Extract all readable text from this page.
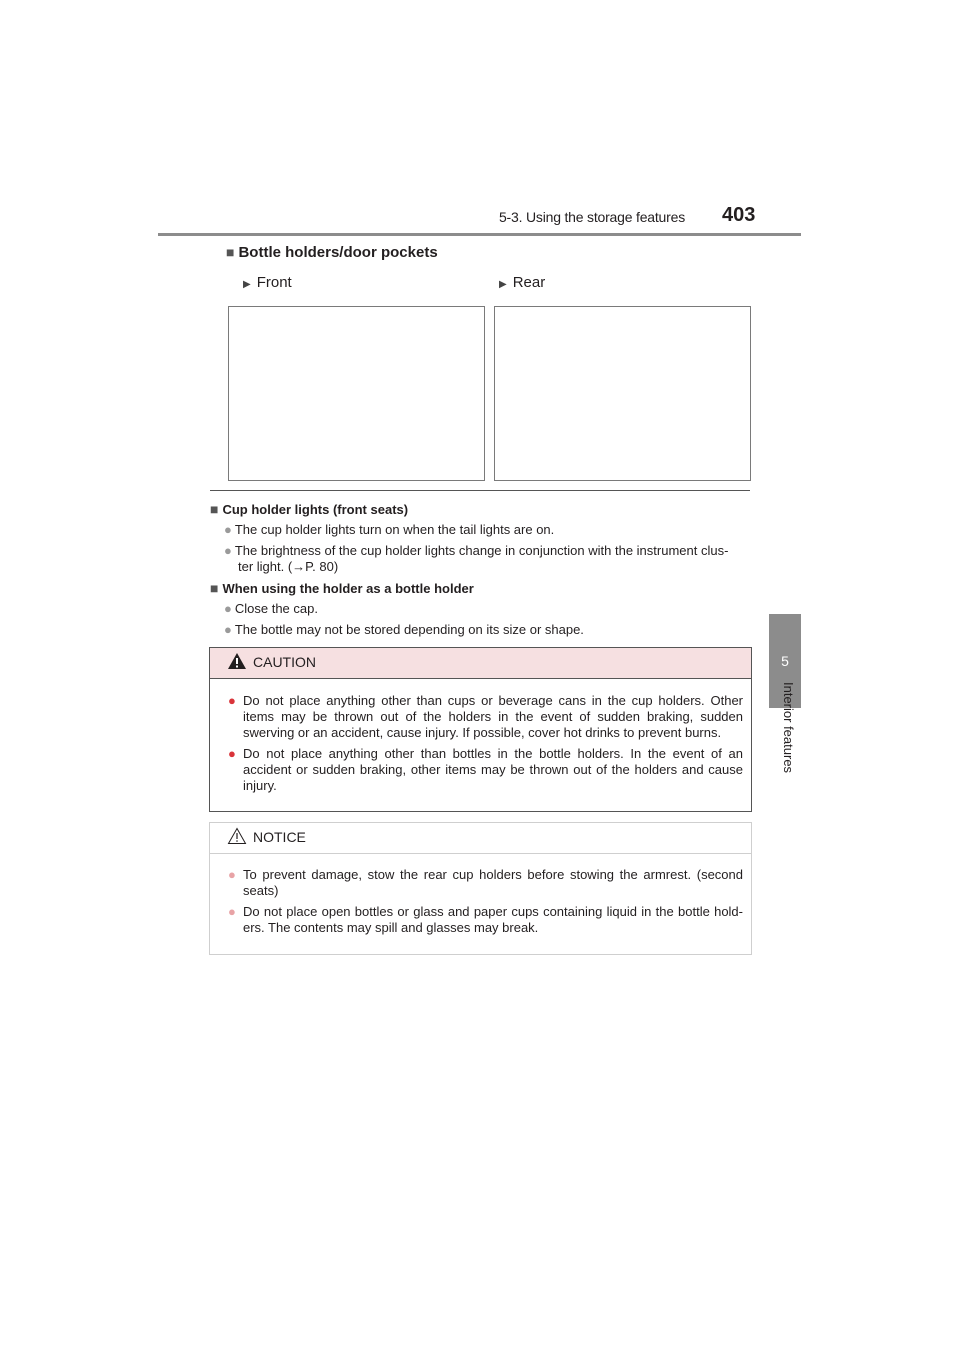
5-3. Using the storage features 403
5
Interior features
■ Bottle holders/door pockets
▶ Front	▶ Rear
■ Cup holder lights (front seats)
● The cup holder lights turn on when the tail lights are on.
● The brightness of the cup holder lights change in conjunction with the instrument clus-
ter light. (→P. 80)
■ When using the holder as a bottle holder
● Close the cap.
● The bottle may not be stored depending on its size or shape.
CAUTION
● Do not place anything other than cups or beverage cans in the cup holders. Other items may be thrown out of the holders in the event of sudden braking, sudden swerving or an accident, cause injury. If possible, cover hot drinks to prevent burns.
● Do not place anything other than bottles in the bottle holders. In the event of an accident or sudden braking, other items may be thrown out of the holders and cause injury.
NOTICE
● To prevent damage, stow the rear cup holders before stowing the armrest. (second seats)
● Do not place open bottles or glass and paper cups containing liquid in the bottle hold- ers. The contents may spill and glasses may break.
